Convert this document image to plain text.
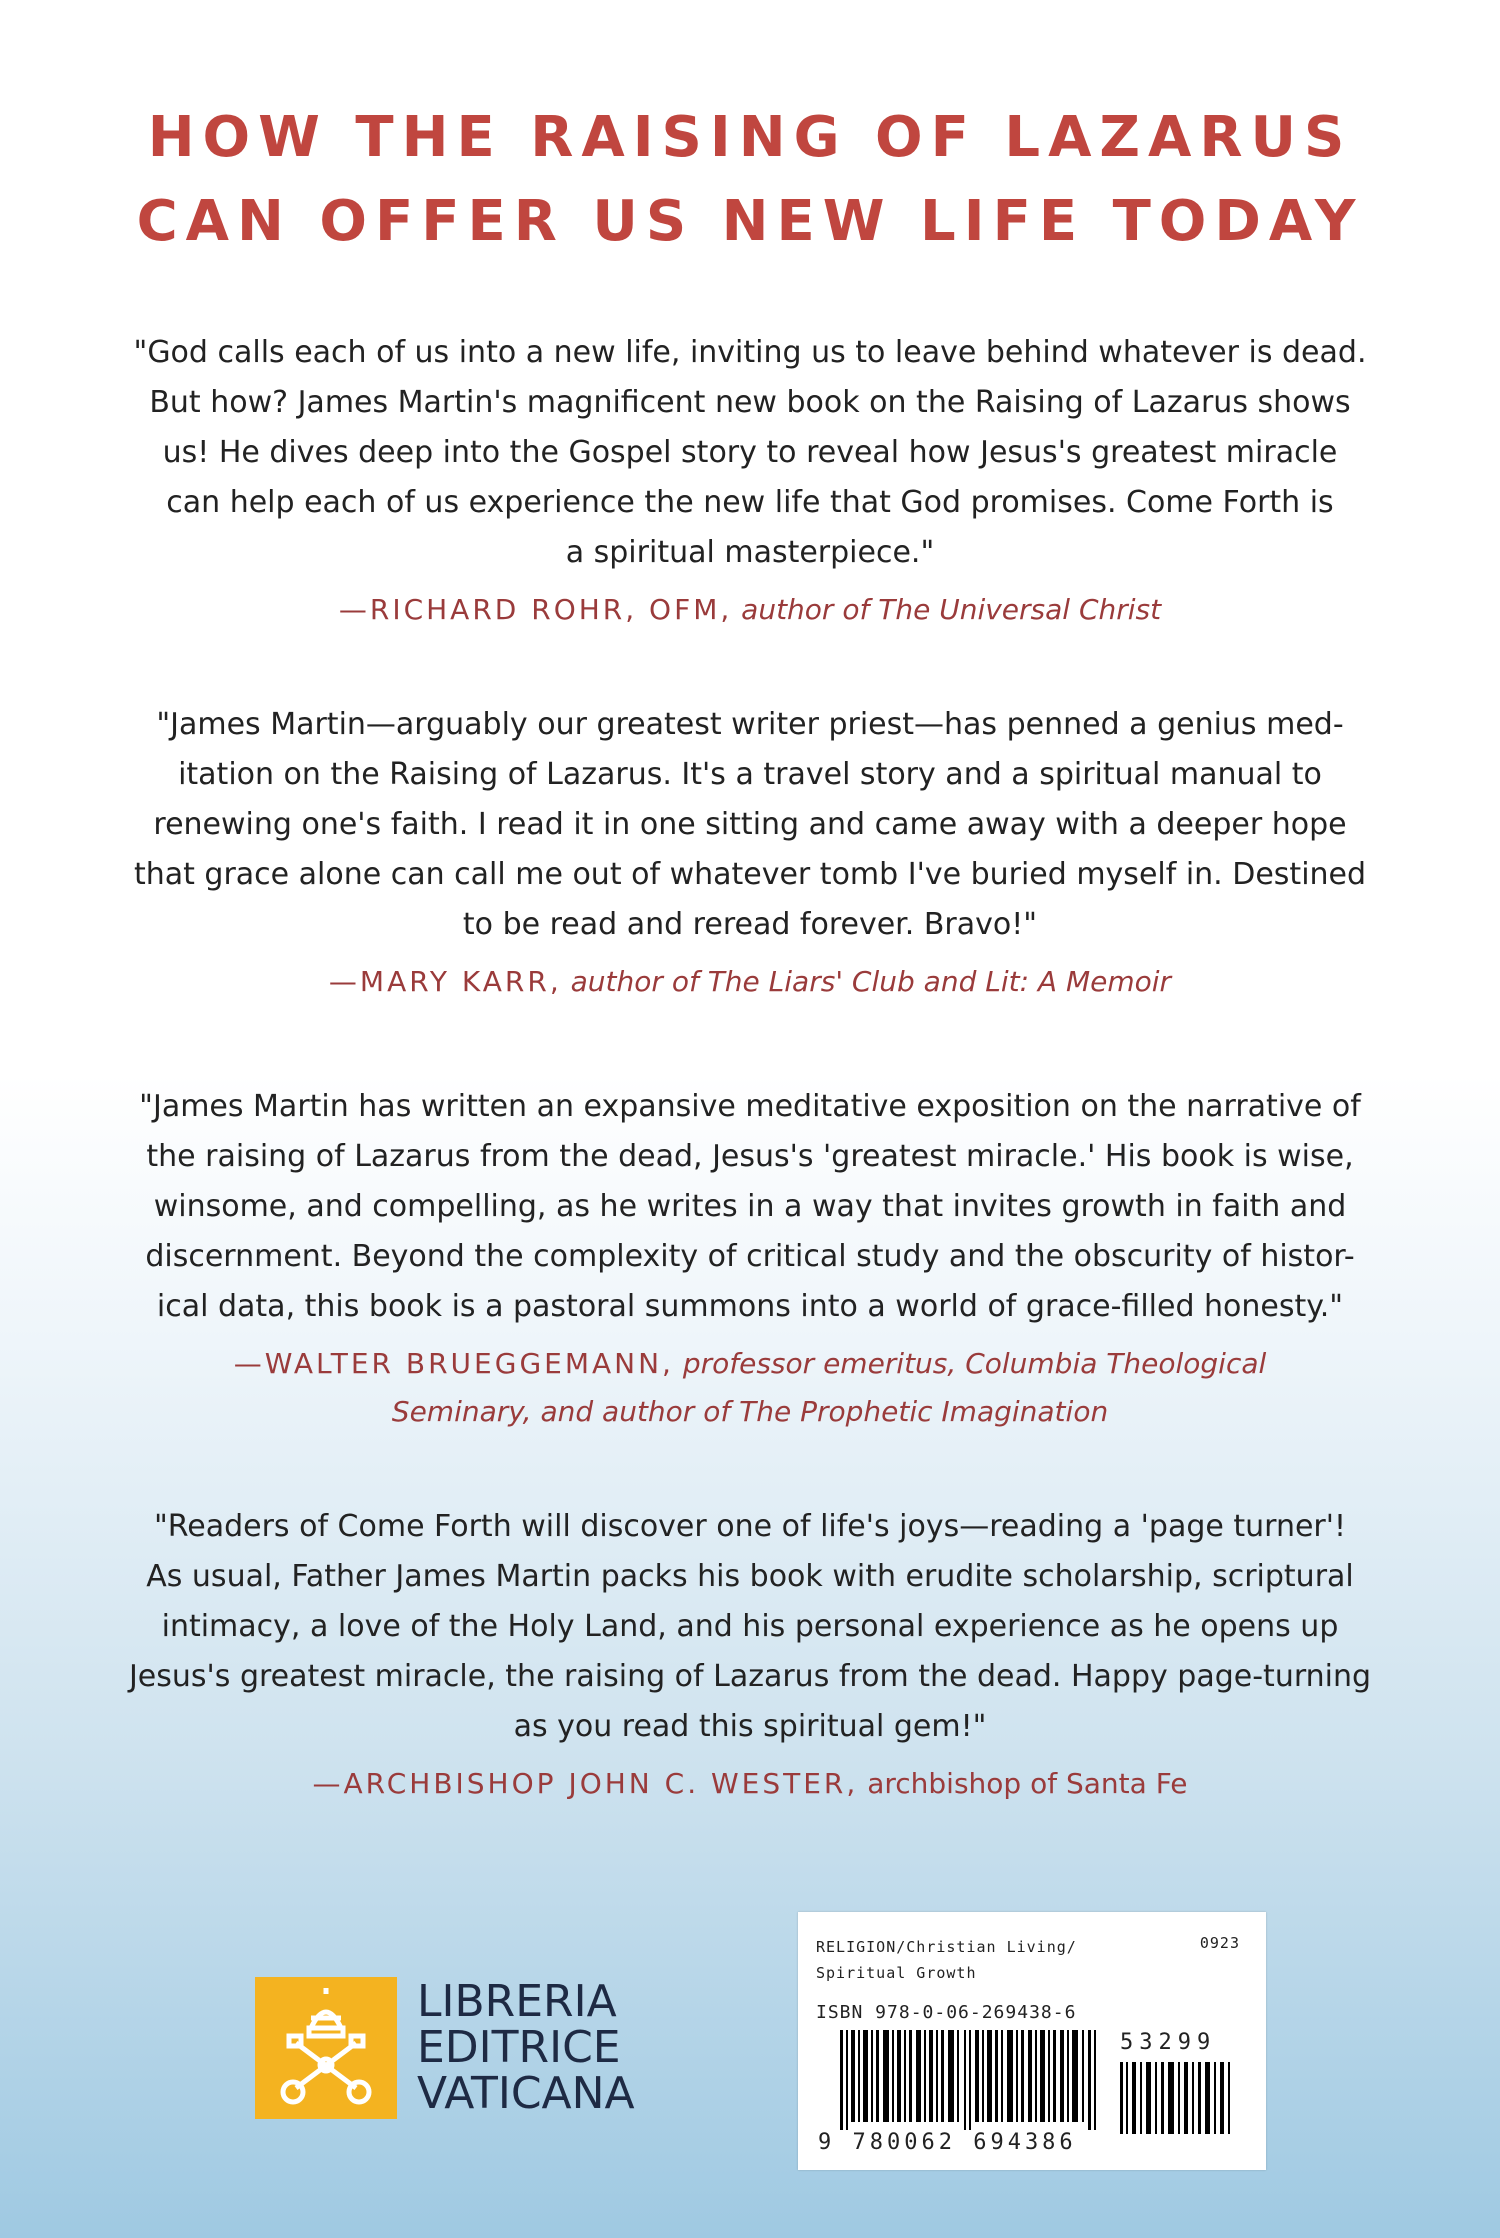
HOW THE RAISING OF LAZARUS
CAN OFFER US NEW LIFE TODAY
"God calls each of us into a new life, inviting us to leave behind whatever is dead.
But how? James Martin's magnificent new book on the Raising of Lazarus shows
us! He dives deep into the Gospel story to reveal how Jesus's greatest miracle
can help each of us experience the new life that God promises. Come Forth is
a spiritual masterpiece."
—RICHARD ROHR, OFM, author of The Universal Christ
"James Martin—arguably our greatest writer priest—has penned a genius med-
itation on the Raising of Lazarus. It's a travel story and a spiritual manual to
renewing one's faith. I read it in one sitting and came away with a deeper hope
that grace alone can call me out of whatever tomb I've buried myself in. Destined
to be read and reread forever. Bravo!"
—MARY KARR, author of The Liars' Club and Lit: A Memoir
"James Martin has written an expansive meditative exposition on the narrative of
the raising of Lazarus from the dead, Jesus's 'greatest miracle.' His book is wise,
winsome, and compelling, as he writes in a way that invites growth in faith and
discernment. Beyond the complexity of critical study and the obscurity of histor-
ical data, this book is a pastoral summons into a world of grace-filled honesty."
—WALTER BRUEGGEMANN, professor emeritus, Columbia Theological
Seminary, and author of The Prophetic Imagination
"Readers of Come Forth will discover one of life's joys—reading a 'page turner'!
As usual, Father James Martin packs his book with erudite scholarship, scriptural
intimacy, a love of the Holy Land, and his personal experience as he opens up
Jesus's greatest miracle, the raising of Lazarus from the dead. Happy page-turning
as you read this spiritual gem!"
—ARCHBISHOP JOHN C. WESTER, archbishop of Santa Fe
LIBRERIA
EDITRICE
VATICANA
RELIGION/Christian Living/
Spiritual Growth
0923
ISBN 978-0-06-269438-6
9 780062 694386
53299
